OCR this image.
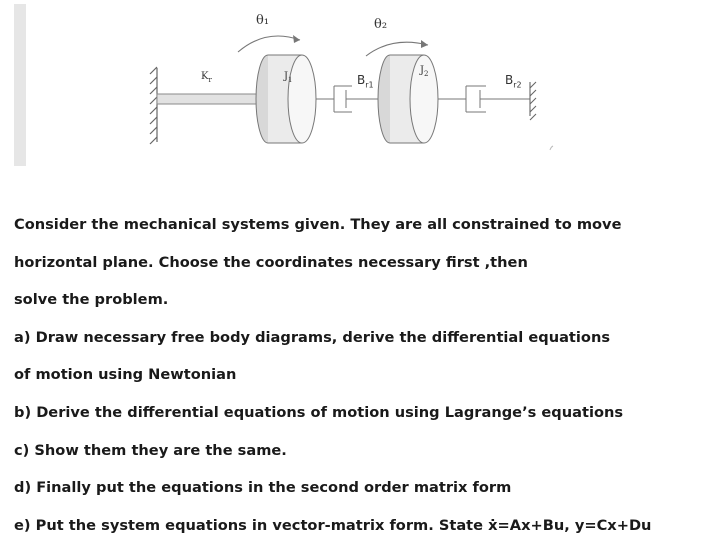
θ₁	θ₂
$K_r$	$J_1$
$J_2$
$B_{r1}$	$B_{r2}$
Consider the mechanical systems given. They are all constrained to move
horizontal plane. Choose the coordinates necessary first ,then
solve the problem.
a) Draw necessary free body diagrams, derive the differential equations
of motion using Newtonian
b) Derive the differential equations of motion using Lagrange’s equations
c) Show them they are the same.
d) Finally put the equations in the second order matrix form
e) Put the system equations in vector-matrix form. State ẋ=Ax+Bu, y=Cx+Du
